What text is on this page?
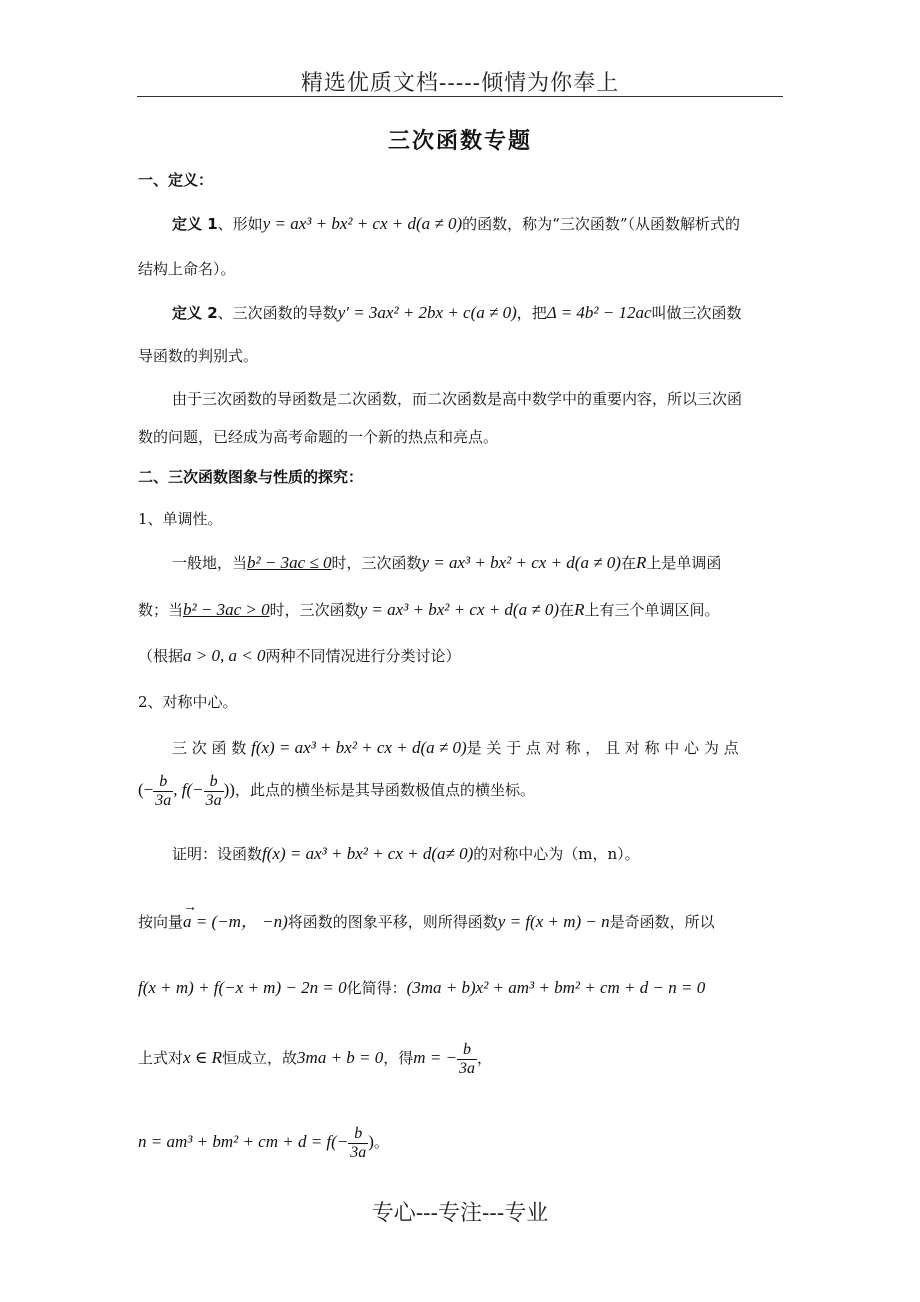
精选优质文档-----倾情为你奉上
三次函数专题
一、定义：
定义 1、形如y = ax³ + bx² + cx + d(a ≠ 0)的函数，称为“三次函数”（从函数解析式的
结构上命名）。
定义 2、三次函数的导数y′ = 3ax² + 2bx + c(a ≠ 0)，把Δ = 4b² − 12ac叫做三次函数
导函数的判别式。
由于三次函数的导函数是二次函数，而二次函数是高中数学中的重要内容，所以三次函
数的问题，已经成为高考命题的一个新的热点和亮点。
二、三次函数图象与性质的探究：
1、单调性。
一般地，当b² − 3ac ≤ 0时，三次函数y = ax³ + bx² + cx + d(a ≠ 0)在R上是单调函
数；当b² − 3ac > 0时，三次函数y = ax³ + bx² + cx + d(a ≠ 0)在R上有三个单调区间。
（根据a > 0, a < 0两种不同情况进行分类讨论）
2、对称中心。
三 次 函 数 f(x) = ax³ + bx² + cx + d(a ≠ 0)是 关 于 点 对 称 ， 且 对 称 中 心 为 点
(− $\frac{b}{3a}$ , $f(- \frac{b}{3a}$ ))，此点的横坐标是其导函数极值点的横坐标。
证明：设函数f(x) = ax³ + bx² + cx + d(a≠ 0)的对称中心为（m，n）。
按向量
→
a = (−m， −n)将函数的图象平移，则所得函数y = f(x + m) − n是奇函数，所以
f(x + m) + f(−x + m) − 2n = 0化简得：(3ma + b)x² + am³ + bm² + cm + d − n = 0
上式对x ∈ R恒成立，故3ma + b = 0，得m = − $\frac{b}{3a}$ ，
n = am³ + bm² + cm + $d = f(- \frac{b}{3a}$ )。
专心---专注---专业
